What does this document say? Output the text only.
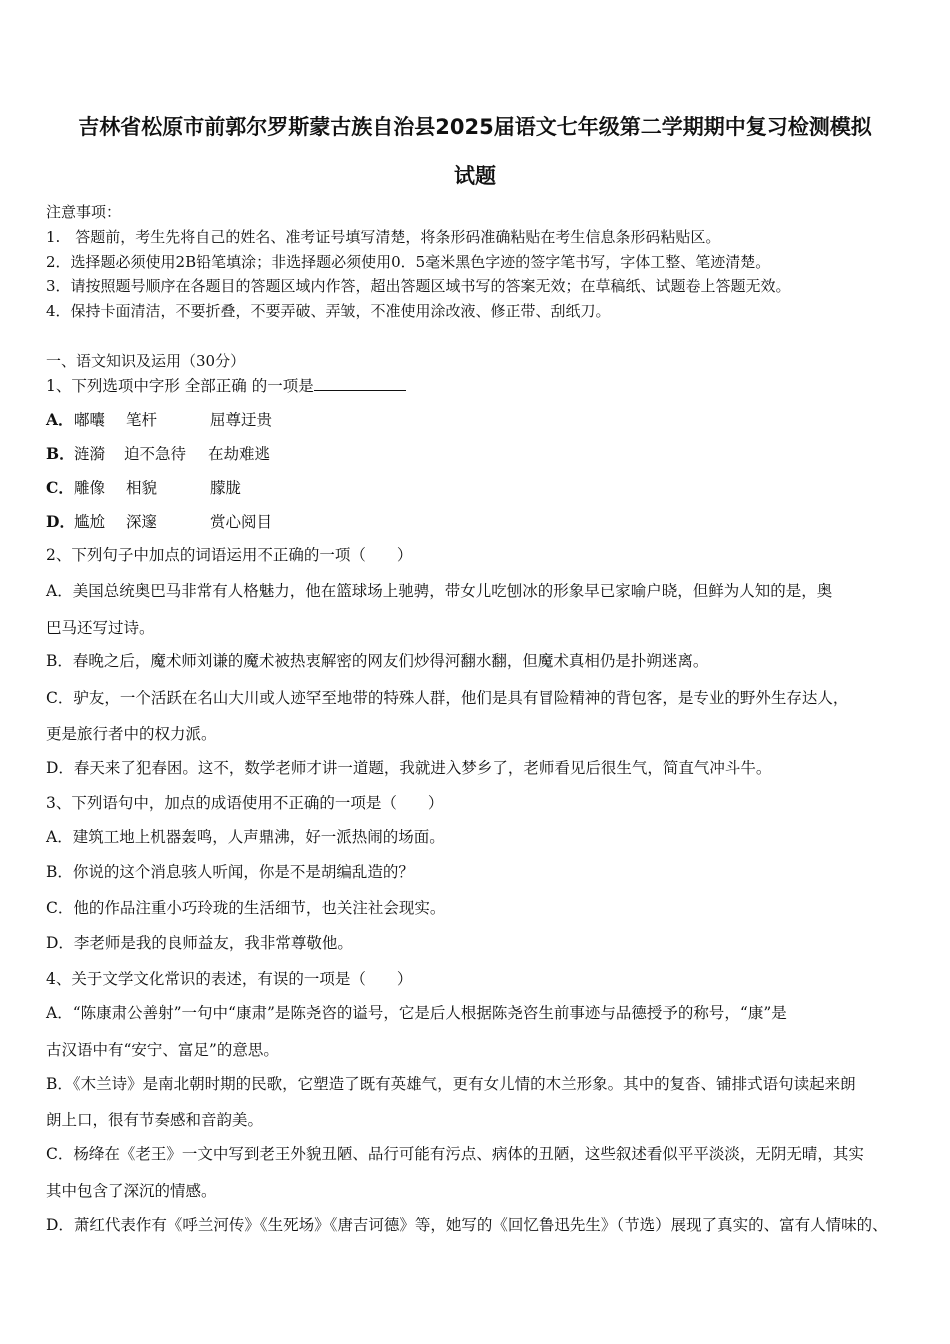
吉林省松原市前郭尔罗斯蒙古族自治县2025届语文七年级第二学期期中复习检测模拟
试题
注意事项：
1.　答题前，考生先将自己的姓名、准考证号填写清楚，将条形码准确粘贴在考生信息条形码粘贴区。
2．选择题必须使用2B铅笔填涂；非选择题必须使用0．5毫米黑色字迹的签字笔书写，字体工整、笔迹清楚。
3．请按照题号顺序在各题目的答题区域内作答，超出答题区域书写的答案无效；在草稿纸、试题卷上答题无效。
4．保持卡面清洁，不要折叠，不要弄破、弄皱，不准使用涂改液、修正带、刮纸刀。
一、语文知识及运用（30分）
1、下列选项中字形 全部正确 的一项是
A．嘟囔 笔杆	屈尊迂贵
B．涟漪 迫不急待 在劫难逃
C．雕像 相貌	朦胧
D．尴尬 深邃	赏心阅目
2、下列句子中加点的词语运用不正确的一项（　　）
A．美国总统奥巴马非常有人格魅力，他在篮球场上驰骋，带女儿吃刨冰的形象早已家喻户晓，但鲜为人知的是，奥
巴马还写过诗。
B．春晚之后，魔术师刘谦的魔术被热衷解密的网友们炒得河翻水翻，但魔术真相仍是扑朔迷离。
C．驴友，一个活跃在名山大川或人迹罕至地带的特殊人群，他们是具有冒险精神的背包客，是专业的野外生存达人，
更是旅行者中的权力派。
D．春天来了犯春困。这不，数学老师才讲一道题，我就进入梦乡了，老师看见后很生气，简直气冲斗牛。
3、下列语句中，加点的成语使用不正确的一项是（　　）
A．建筑工地上机器轰鸣，人声鼎沸，好一派热闹的场面。
B．你说的这个消息骇人听闻，你是不是胡编乱造的？
C．他的作品注重小巧玲珑的生活细节，也关注社会现实。
D．李老师是我的良师益友，我非常尊敬他。
4、关于文学文化常识的表述，有误的一项是（　　）
A．“陈康肃公善射”一句中“康肃”是陈尧咨的谥号，它是后人根据陈尧咨生前事迹与品德授予的称号，“康”是
古汉语中有“安宁、富足”的意思。
B．《木兰诗》是南北朝时期的民歌，它塑造了既有英雄气，更有女儿情的木兰形象。其中的复沓、铺排式语句读起来朗
朗上口，很有节奏感和音韵美。
C．杨绛在《老王》一文中写到老王外貌丑陋、品行可能有污点、病体的丑陋，这些叙述看似平平淡淡，无阴无晴，其实
其中包含了深沉的情感。
D．萧红代表作有《呼兰河传》《生死场》《唐吉诃德》等，她写的《回忆鲁迅先生》（节选）展现了真实的、富有人情味的、
